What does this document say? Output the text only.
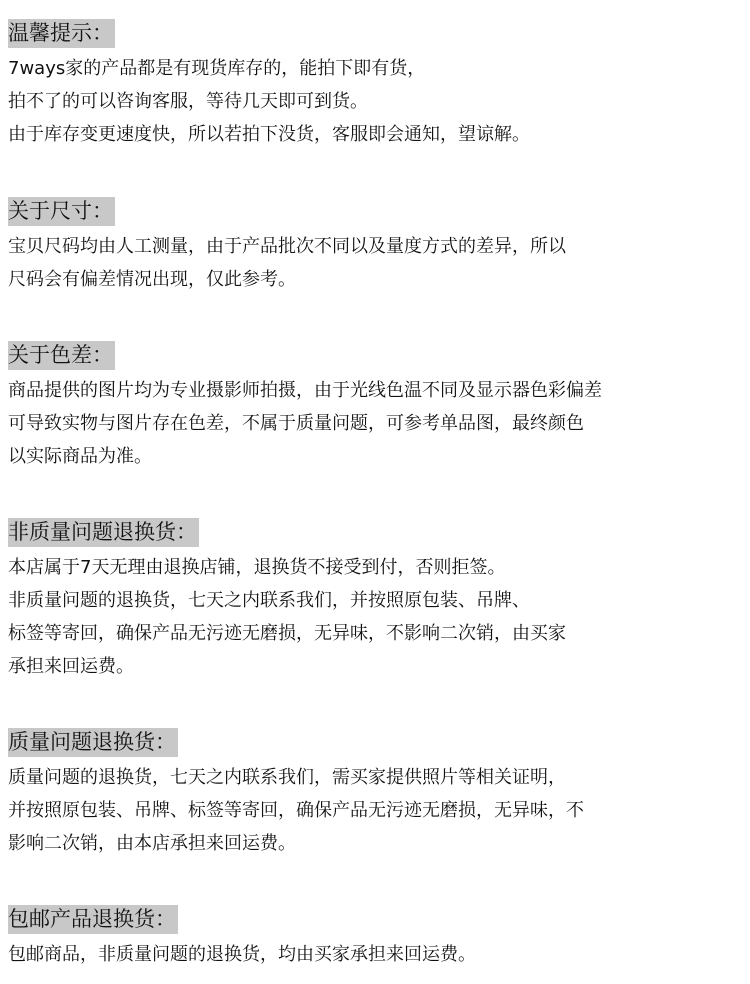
温馨提示：

7ways家的产品都是有现货库存的，能拍下即有货，

拍不了的可以咨询客服，等待几天即可到货。

由于库存变更速度快，所以若拍下没货，客服即会通知，望谅解。

关于尺寸：

宝贝尺码均由人工测量，由于产品批次不同以及量度方式的差异，所以

尺码会有偏差情况出现，仅此参考。

关于色差：

商品提供的图片均为专业摄影师拍摄，由于光线色温不同及显示器色彩偏差

可导致实物与图片存在色差，不属于质量问题，可参考单品图，最终颜色

以实际商品为准。

非质量问题退换货：

本店属于7天无理由退换店铺，退换货不接受到付，否则拒签。

非质量问题的退换货，七天之内联系我们，并按照原包装、吊牌、

标签等寄回，确保产品无污迹无磨损，无异味，不影响二次销，由买家

承担来回运费。

质量问题退换货：

质量问题的退换货，七天之内联系我们，需买家提供照片等相关证明，

并按照原包装、吊牌、标签等寄回，确保产品无污迹无磨损，无异味，不

影响二次销，由本店承担来回运费。

包邮产品退换货：

包邮商品，非质量问题的退换货，均由买家承担来回运费。
